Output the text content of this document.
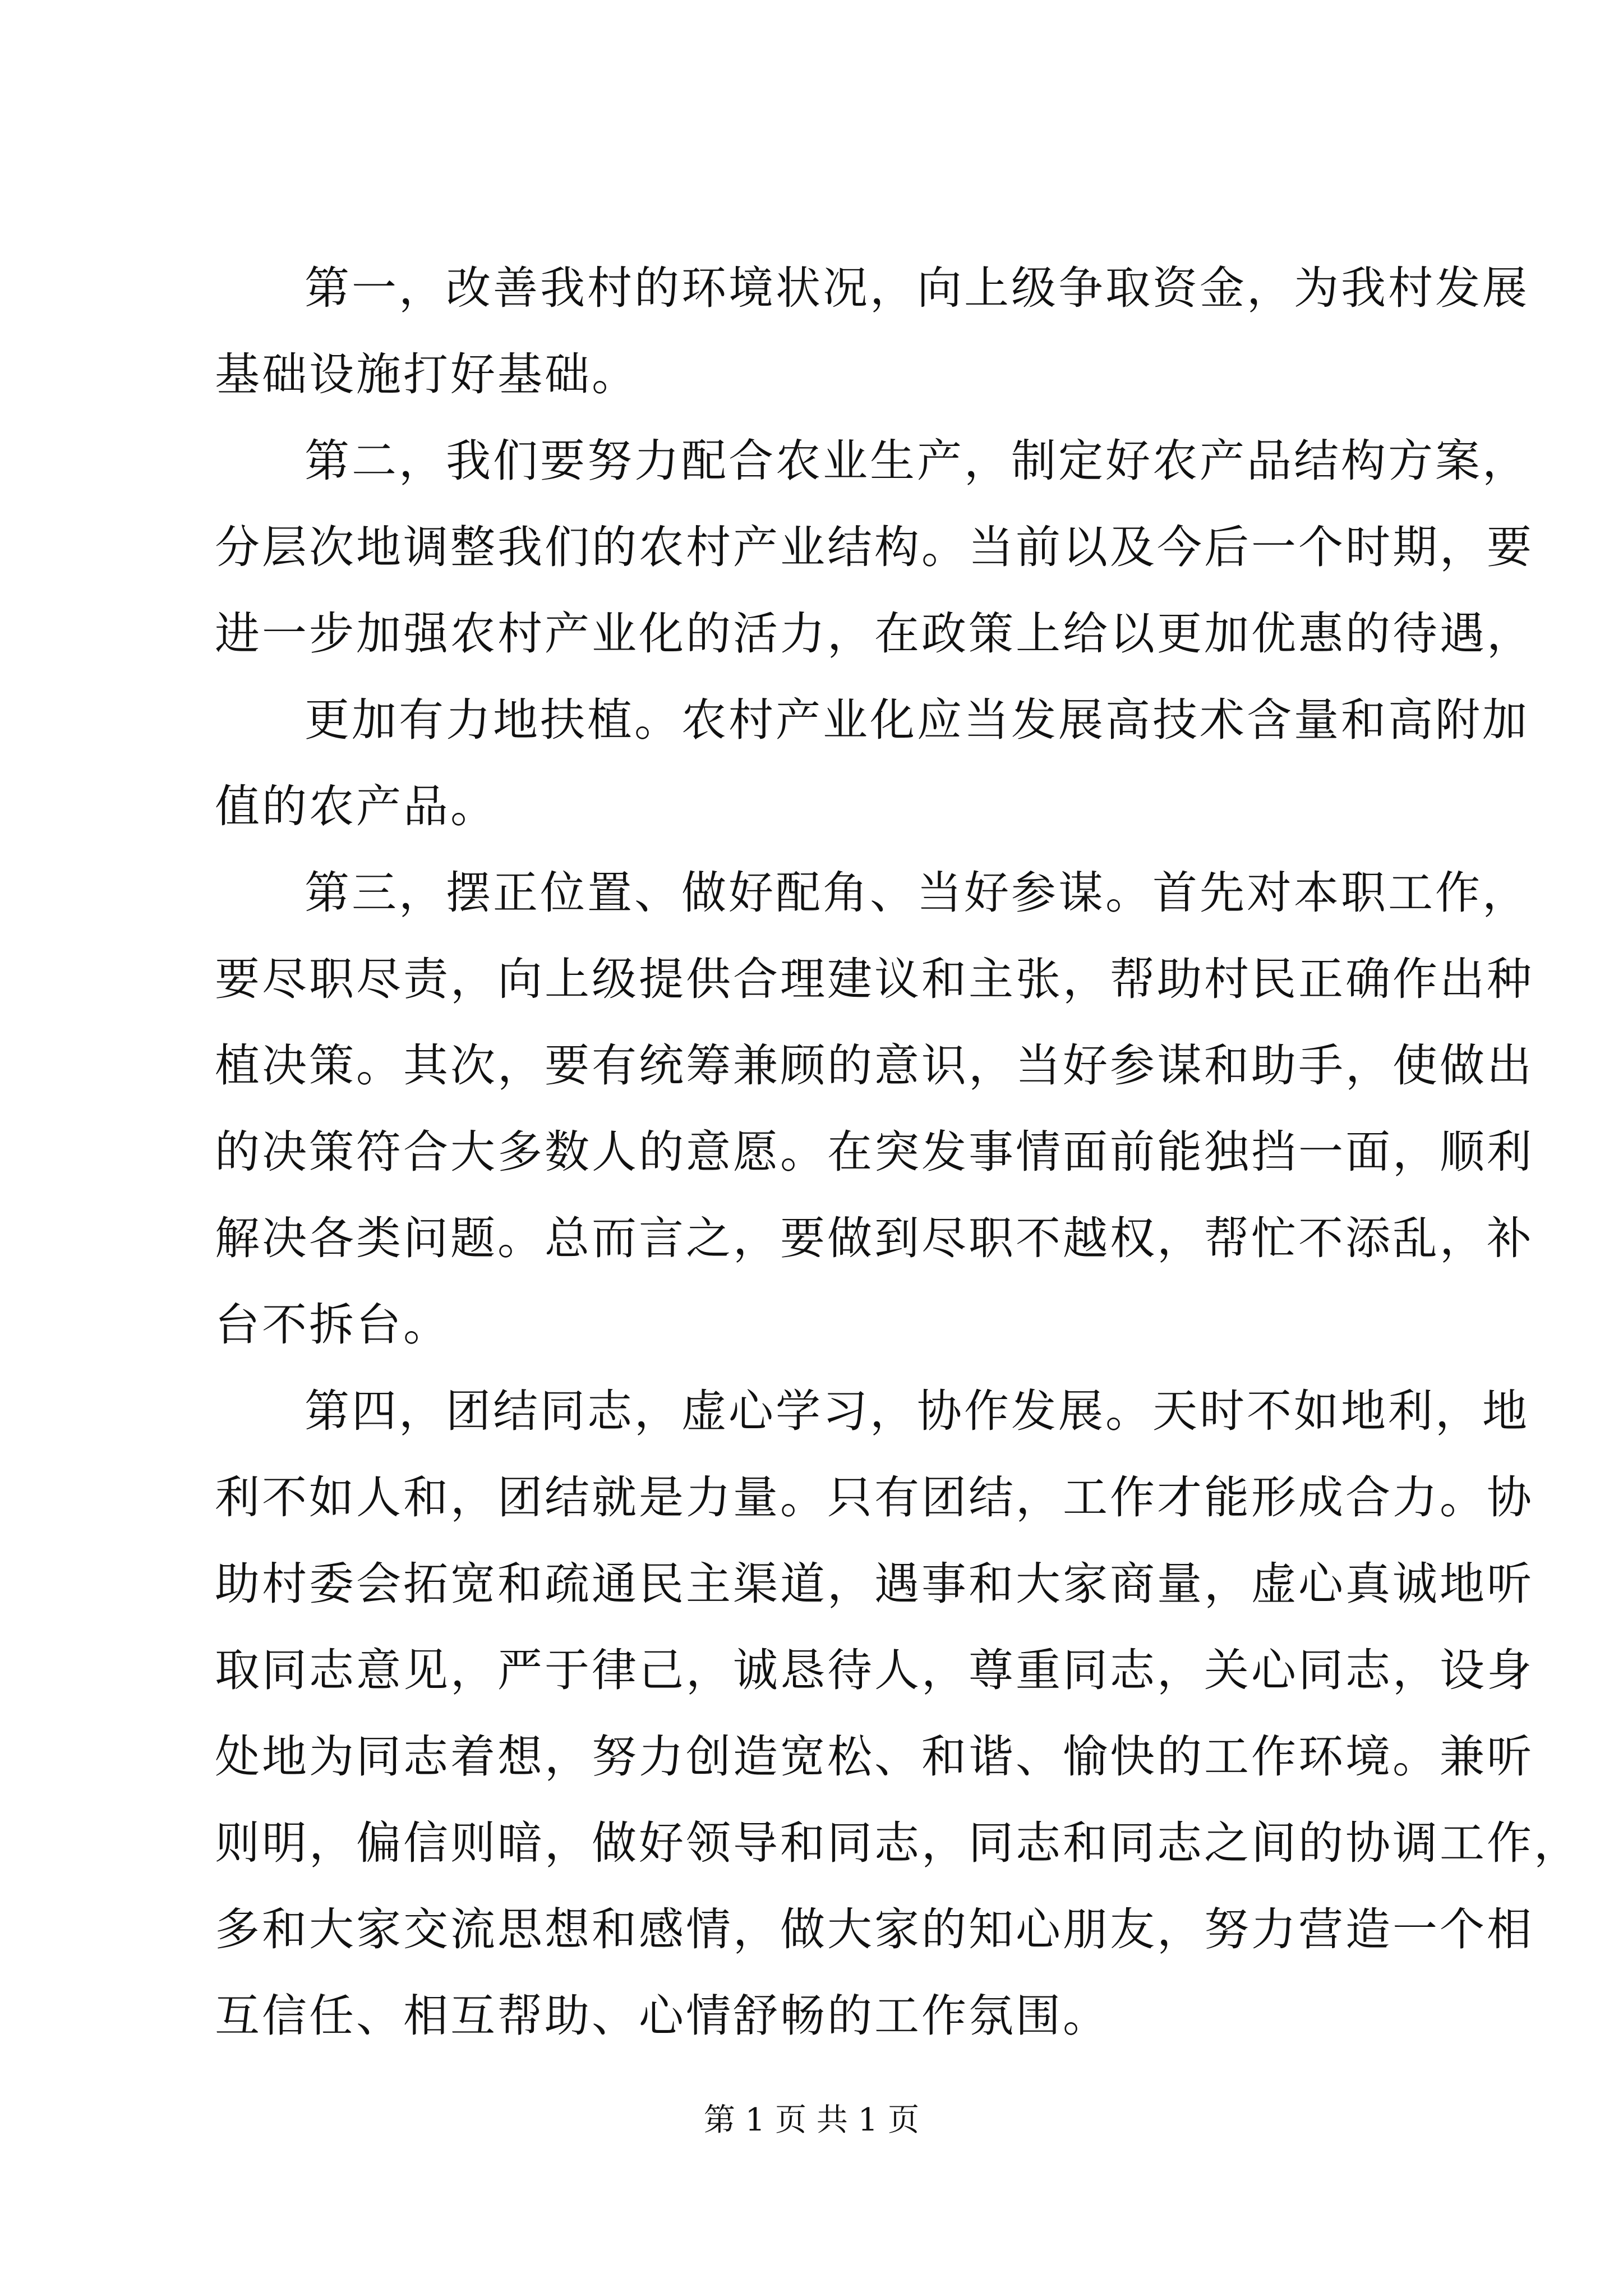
第一，改善我村的环境状况，向上级争取资金，为我村发展
基础设施打好基础。
第二，我们要努力配合农业生产，制定好农产品结构方案，
分层次地调整我们的农村产业结构。当前以及今后一个时期，要
进一步加强农村产业化的活力，在政策上给以更加优惠的待遇，
更加有力地扶植。农村产业化应当发展高技术含量和高附加
值的农产品。
第三，摆正位置、做好配角、当好参谋。首先对本职工作，
要尽职尽责，向上级提供合理建议和主张，帮助村民正确作出种
植决策。其次，要有统筹兼顾的意识，当好参谋和助手，使做出
的决策符合大多数人的意愿。在突发事情面前能独挡一面，顺利
解决各类问题。总而言之，要做到尽职不越权，帮忙不添乱，补
台不拆台。
第四，团结同志，虚心学习，协作发展。天时不如地利，地
利不如人和，团结就是力量。只有团结，工作才能形成合力。协
助村委会拓宽和疏通民主渠道，遇事和大家商量，虚心真诚地听
取同志意见，严于律己，诚恳待人，尊重同志，关心同志，设身
处地为同志着想，努力创造宽松、和谐、愉快的工作环境。兼听
则明，偏信则暗，做好领导和同志，同志和同志之间的协调工作，
多和大家交流思想和感情，做大家的知心朋友，努力营造一个相
互信任、相互帮助、心情舒畅的工作氛围。
第 1 页 共 1 页
